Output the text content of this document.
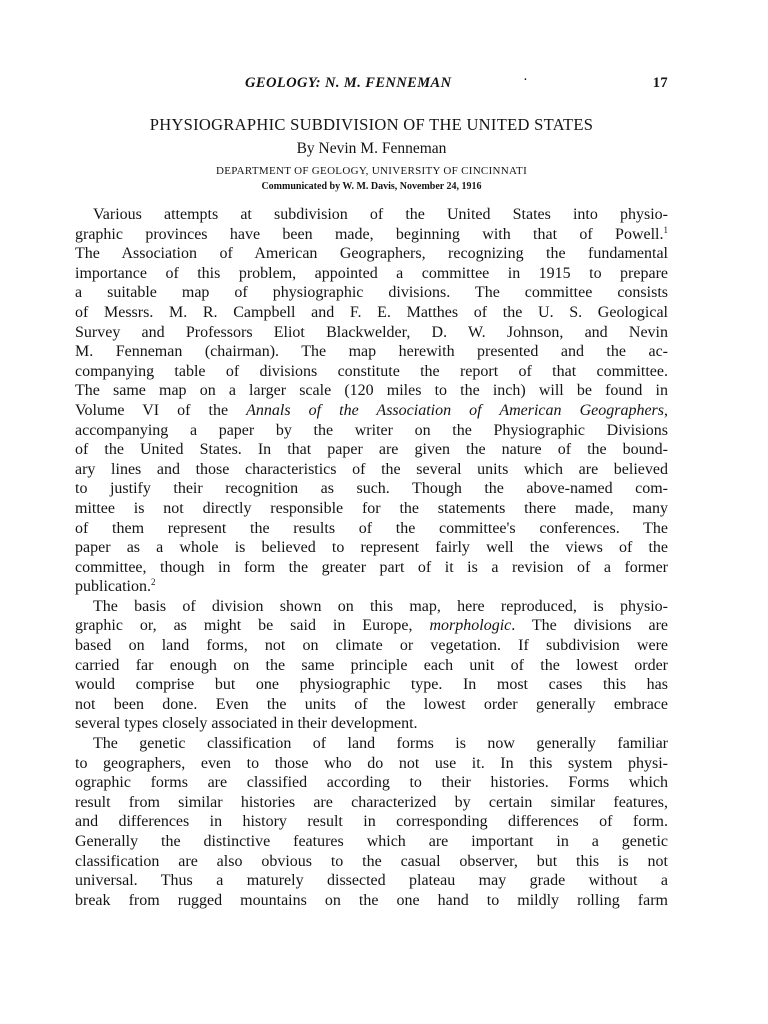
GEOLOGY: N. M. FENNEMAN	·	17
PHYSIOGRAPHIC SUBDIVISION OF THE UNITED STATES
By Nevin M. Fenneman
DEPARTMENT OF GEOLOGY, UNIVERSITY OF CINCINNATI
Communicated by W. M. Davis, November 24, 1916
Various attempts at subdivision of the United States into physio-
graphic provinces have been made, beginning with that of Powell.$^1$
The Association of American Geographers, recognizing the fundamental
importance of this problem, appointed a committee in 1915 to prepare
a suitable map of physiographic divisions. The committee consists
of Messrs. M. R. Campbell and F. E. Matthes of the U. S. Geological
Survey and Professors Eliot Blackwelder, D. W. Johnson, and Nevin
M. Fenneman (chairman). The map herewith presented and the ac-
companying table of divisions constitute the report of that committee.
The same map on a larger scale (120 miles to the inch) will be found in
Volume VI of the Annals of the Association of American Geographers,
accompanying a paper by the writer on the Physiographic Divisions
of the United States. In that paper are given the nature of the bound-
ary lines and those characteristics of the several units which are believed
to justify their recognition as such. Though the above-named com-
mittee is not directly responsible for the statements there made, many
of them represent the results of the committee's conferences. The
paper as a whole is believed to represent fairly well the views of the
committee, though in form the greater part of it is a revision of a former
publication.$^2$
The basis of division shown on this map, here reproduced, is physio-
graphic or, as might be said in Europe, morphologic. The divisions are
based on land forms, not on climate or vegetation. If subdivision were
carried far enough on the same principle each unit of the lowest order
would comprise but one physiographic type. In most cases this has
not been done. Even the units of the lowest order generally embrace
several types closely associated in their development.
The genetic classification of land forms is now generally familiar
to geographers, even to those who do not use it. In this system physi-
ographic forms are classified according to their histories. Forms which
result from similar histories are characterized by certain similar features,
and differences in history result in corresponding differences of form.
Generally the distinctive features which are important in a genetic
classification are also obvious to the casual observer, but this is not
universal. Thus a maturely dissected plateau may grade without a
break from rugged mountains on the one hand to mildly rolling farm
